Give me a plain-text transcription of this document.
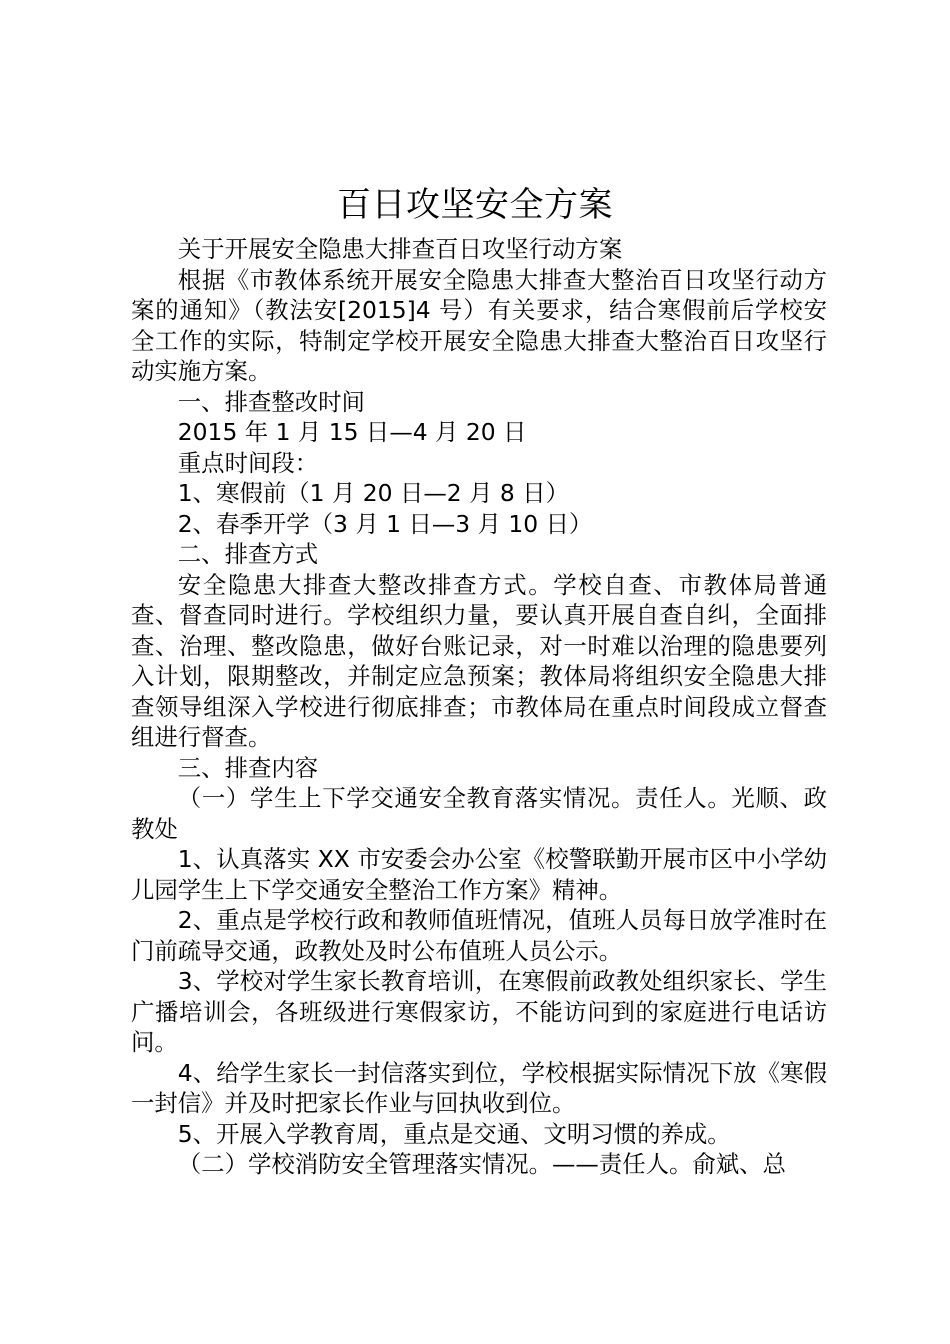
百日攻坚安全方案

关于开展安全隐患大排查百日攻坚行动方案

根据《市教体系统开展安全隐患大排查大整治百日攻坚行动方案的通知》（教法安[2015]4 号）有关要求，结合寒假前后学校安全工作的实际，特制定学校开展安全隐患大排查大整治百日攻坚行动实施方案。

一、排查整改时间

2015 年 1 月 15 日—4 月 20 日

重点时间段：

1、寒假前（1 月 20 日—2 月 8 日）

2、春季开学（3 月 1 日—3 月 10 日）

二、排查方式

安全隐患大排查大整改排查方式。学校自查、市教体局普通查、督查同时进行。学校组织力量，要认真开展自查自纠，全面排查、治理、整改隐患，做好台账记录，对一时难以治理的隐患要列入计划，限期整改，并制定应急预案；教体局将组织安全隐患大排查领导组深入学校进行彻底排查；市教体局在重点时间段成立督查组进行督查。

三、排查内容

（一）学生上下学交通安全教育落实情况。责任人。光顺、政教处

1、认真落实 XX 市安委会办公室《校警联勤开展市区中小学幼儿园学生上下学交通安全整治工作方案》精神。

2、重点是学校行政和教师值班情况，值班人员每日放学准时在门前疏导交通，政教处及时公布值班人员公示。

3、学校对学生家长教育培训，在寒假前政教处组织家长、学生广播培训会，各班级进行寒假家访，不能访问到的家庭进行电话访问。

4、给学生家长一封信落实到位，学校根据实际情况下放《寒假一封信》并及时把家长作业与回执收到位。

5、开展入学教育周，重点是交通、文明习惯的养成。

（二）学校消防安全管理落实情况。——责任人。俞斌、总
